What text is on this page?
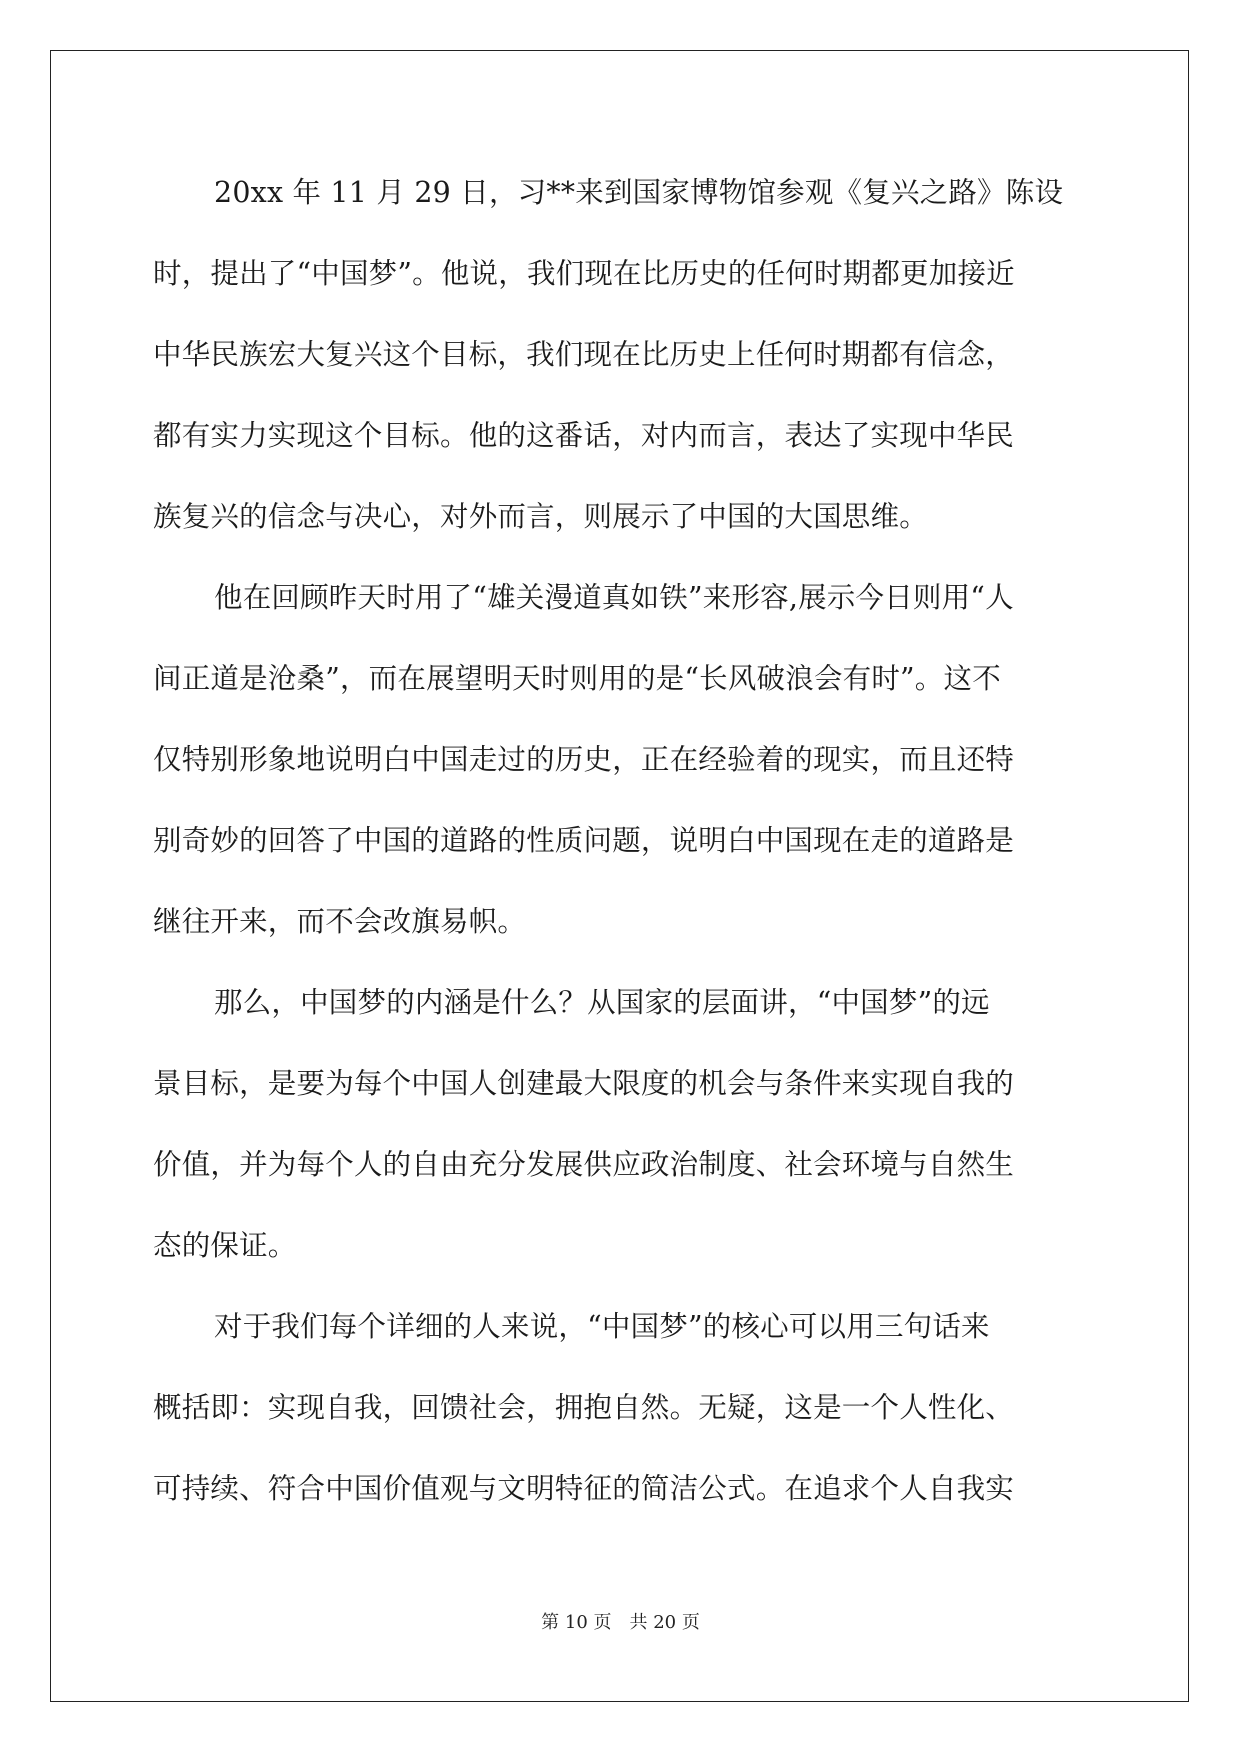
20xx 年 11 月 29 日，习**来到国家博物馆参观《复兴之路》陈设
时，提出了“中国梦”。他说，我们现在比历史的任何时期都更加接近
中华民族宏大复兴这个目标，我们现在比历史上任何时期都有信念，
都有实力实现这个目标。他的这番话，对内而言，表达了实现中华民
族复兴的信念与决心，对外而言，则展示了中国的大国思维。
他在回顾昨天时用了“雄关漫道真如铁”来形容,展示今日则用“人
间正道是沧桑”，而在展望明天时则用的是“长风破浪会有时”。这不
仅特别形象地说明白中国走过的历史，正在经验着的现实，而且还特
别奇妙的回答了中国的道路的性质问题，说明白中国现在走的道路是
继往开来，而不会改旗易帜。
那么，中国梦的内涵是什么？从国家的层面讲，“中国梦”的远
景目标，是要为每个中国人创建最大限度的机会与条件来实现自我的
价值，并为每个人的自由充分发展供应政治制度、社会环境与自然生
态的保证。
对于我们每个详细的人来说，“中国梦”的核心可以用三句话来
概括即：实现自我，回馈社会，拥抱自然。无疑，这是一个人性化、
可持续、符合中国价值观与文明特征的简洁公式。在追求个人自我实
第 10 页 共 20 页
